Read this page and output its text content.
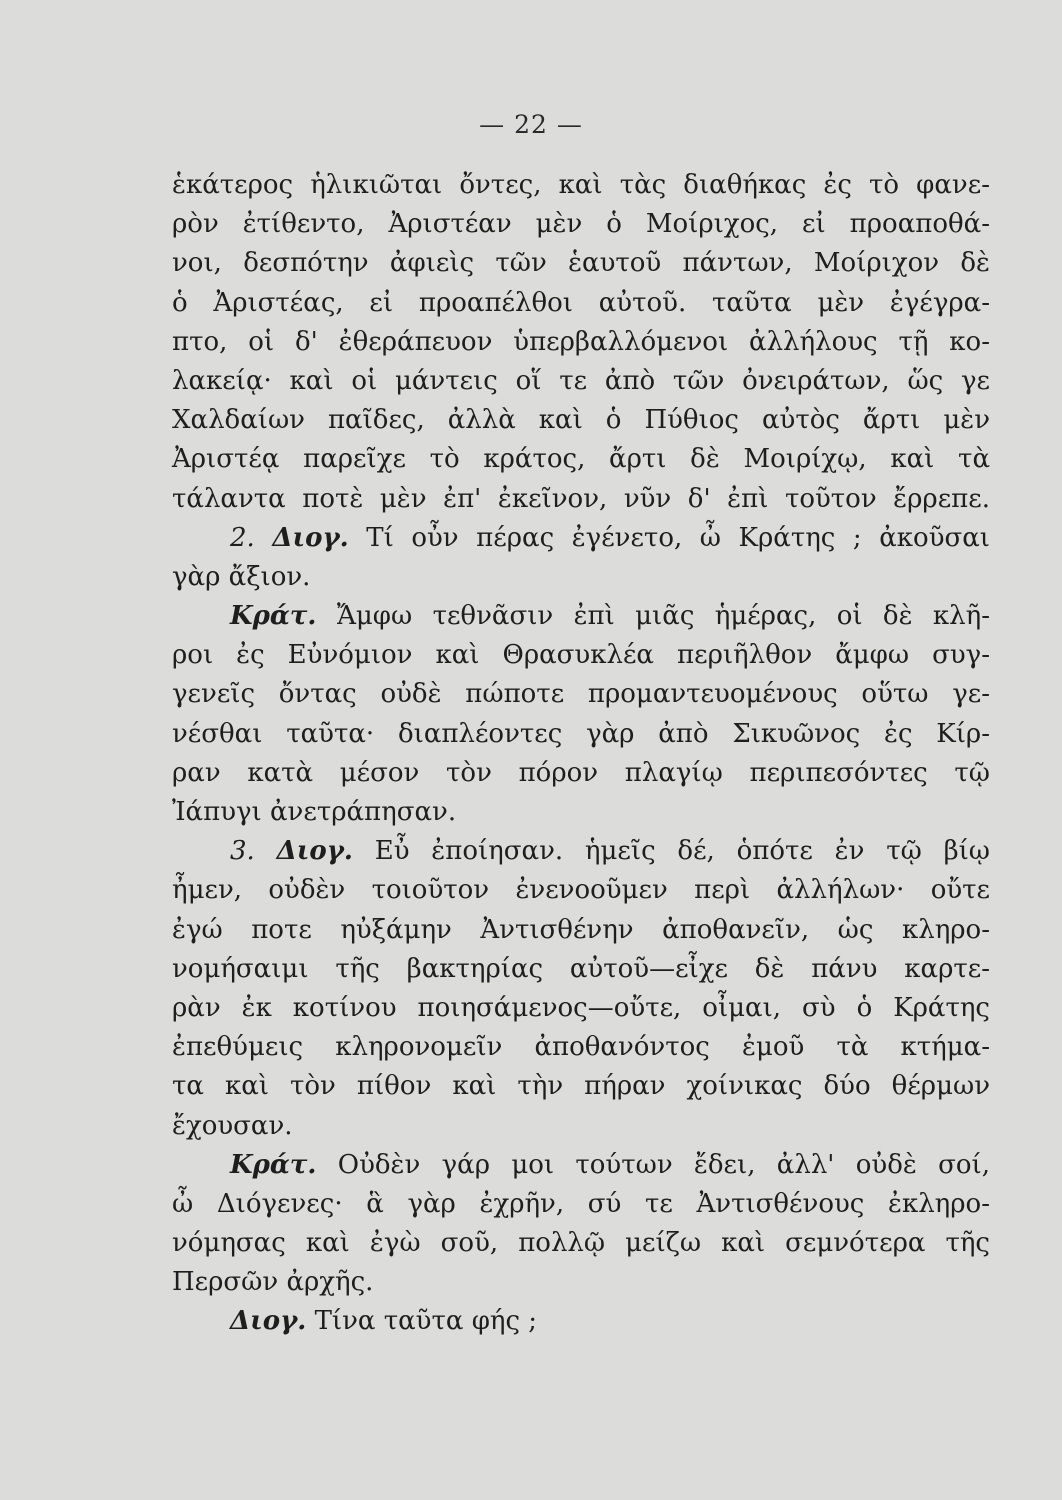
— 22 —
ἑκάτερος ἡλικιῶται ὄντες, καὶ τὰς διαθήκας ἐς τὸ φανε-
ρὸν ἐτίθεντο, Ἀριστέαν μὲν ὁ Μοίριχος, εἰ προαποθά-
νοι, δεσπότην ἀφιεὶς τῶν ἑαυτοῦ πάντων, Μοίριχον δὲ
ὁ Ἀριστέας, εἰ προαπέλθοι αὐτοῦ. ταῦτα μὲν ἐγέγρα-
πτο, οἱ δ' ἐθεράπευον ὑπερβαλλόμενοι ἀλλήλους τῇ κο-
λακείᾳ· καὶ οἱ μάντεις οἵ τε ἀπὸ τῶν ὀνειράτων, ὥς γε
Χαλδαίων παῖδες, ἀλλὰ καὶ ὁ Πύθιος αὐτὸς ἄρτι μὲν
Ἀριστέᾳ παρεῖχε τὸ κράτος, ἄρτι δὲ Μοιρίχῳ, καὶ τὰ
τάλαντα ποτὲ μὲν ἐπ' ἐκεῖνον, νῦν δ' ἐπὶ τοῦτον ἔρρεπε.
2. Διογ. Τί οὖν πέρας ἐγένετο, ὦ Κράτης ; ἀκοῦσαι
γὰρ ἄξιον.
Κράτ. Ἄμφω τεθνᾶσιν ἐπὶ μιᾶς ἡμέρας, οἱ δὲ κλῆ-
ροι ἐς Εὐνόμιον καὶ Θρασυκλέα περιῆλθον ἄμφω συγ-
γενεῖς ὄντας οὐδὲ πώποτε προμαντευομένους οὕτω γε-
νέσθαι ταῦτα· διαπλέοντες γὰρ ἀπὸ Σικυῶνος ἐς Κίρ-
ραν κατὰ μέσον τὸν πόρον πλαγίῳ περιπεσόντες τῷ
Ἰάπυγι ἀνετράπησαν.
3. Διογ. Εὖ ἐποίησαν. ἡμεῖς δέ, ὁπότε ἐν τῷ βίῳ
ἦμεν, οὐδὲν τοιοῦτον ἐνενοοῦμεν περὶ ἀλλήλων· οὔτε
ἐγώ ποτε ηὐξάμην Ἀντισθένην ἀποθανεῖν, ὡς κληρο-
νομήσαιμι τῆς βακτηρίας αὐτοῦ—εἶχε δὲ πάνυ καρτε-
ρὰν ἐκ κοτίνου ποιησάμενος—οὔτε, οἶμαι, σὺ ὁ Κράτης
ἐπεθύμεις κληρονομεῖν ἀποθανόντος ἐμοῦ τὰ κτήμα-
τα καὶ τὸν πίθον καὶ τὴν πήραν χοίνικας δύο θέρμων
ἔχουσαν.
Κράτ. Οὐδὲν γάρ μοι τούτων ἔδει, ἀλλ' οὐδὲ σοί,
ὦ Διόγενες· ἃ γὰρ ἐχρῆν, σύ τε Ἀντισθένους ἐκληρο-
νόμησας καὶ ἐγὼ σοῦ, πολλῷ μείζω καὶ σεμνότερα τῆς
Περσῶν ἀρχῆς.
Διογ. Τίνα ταῦτα φής ;
